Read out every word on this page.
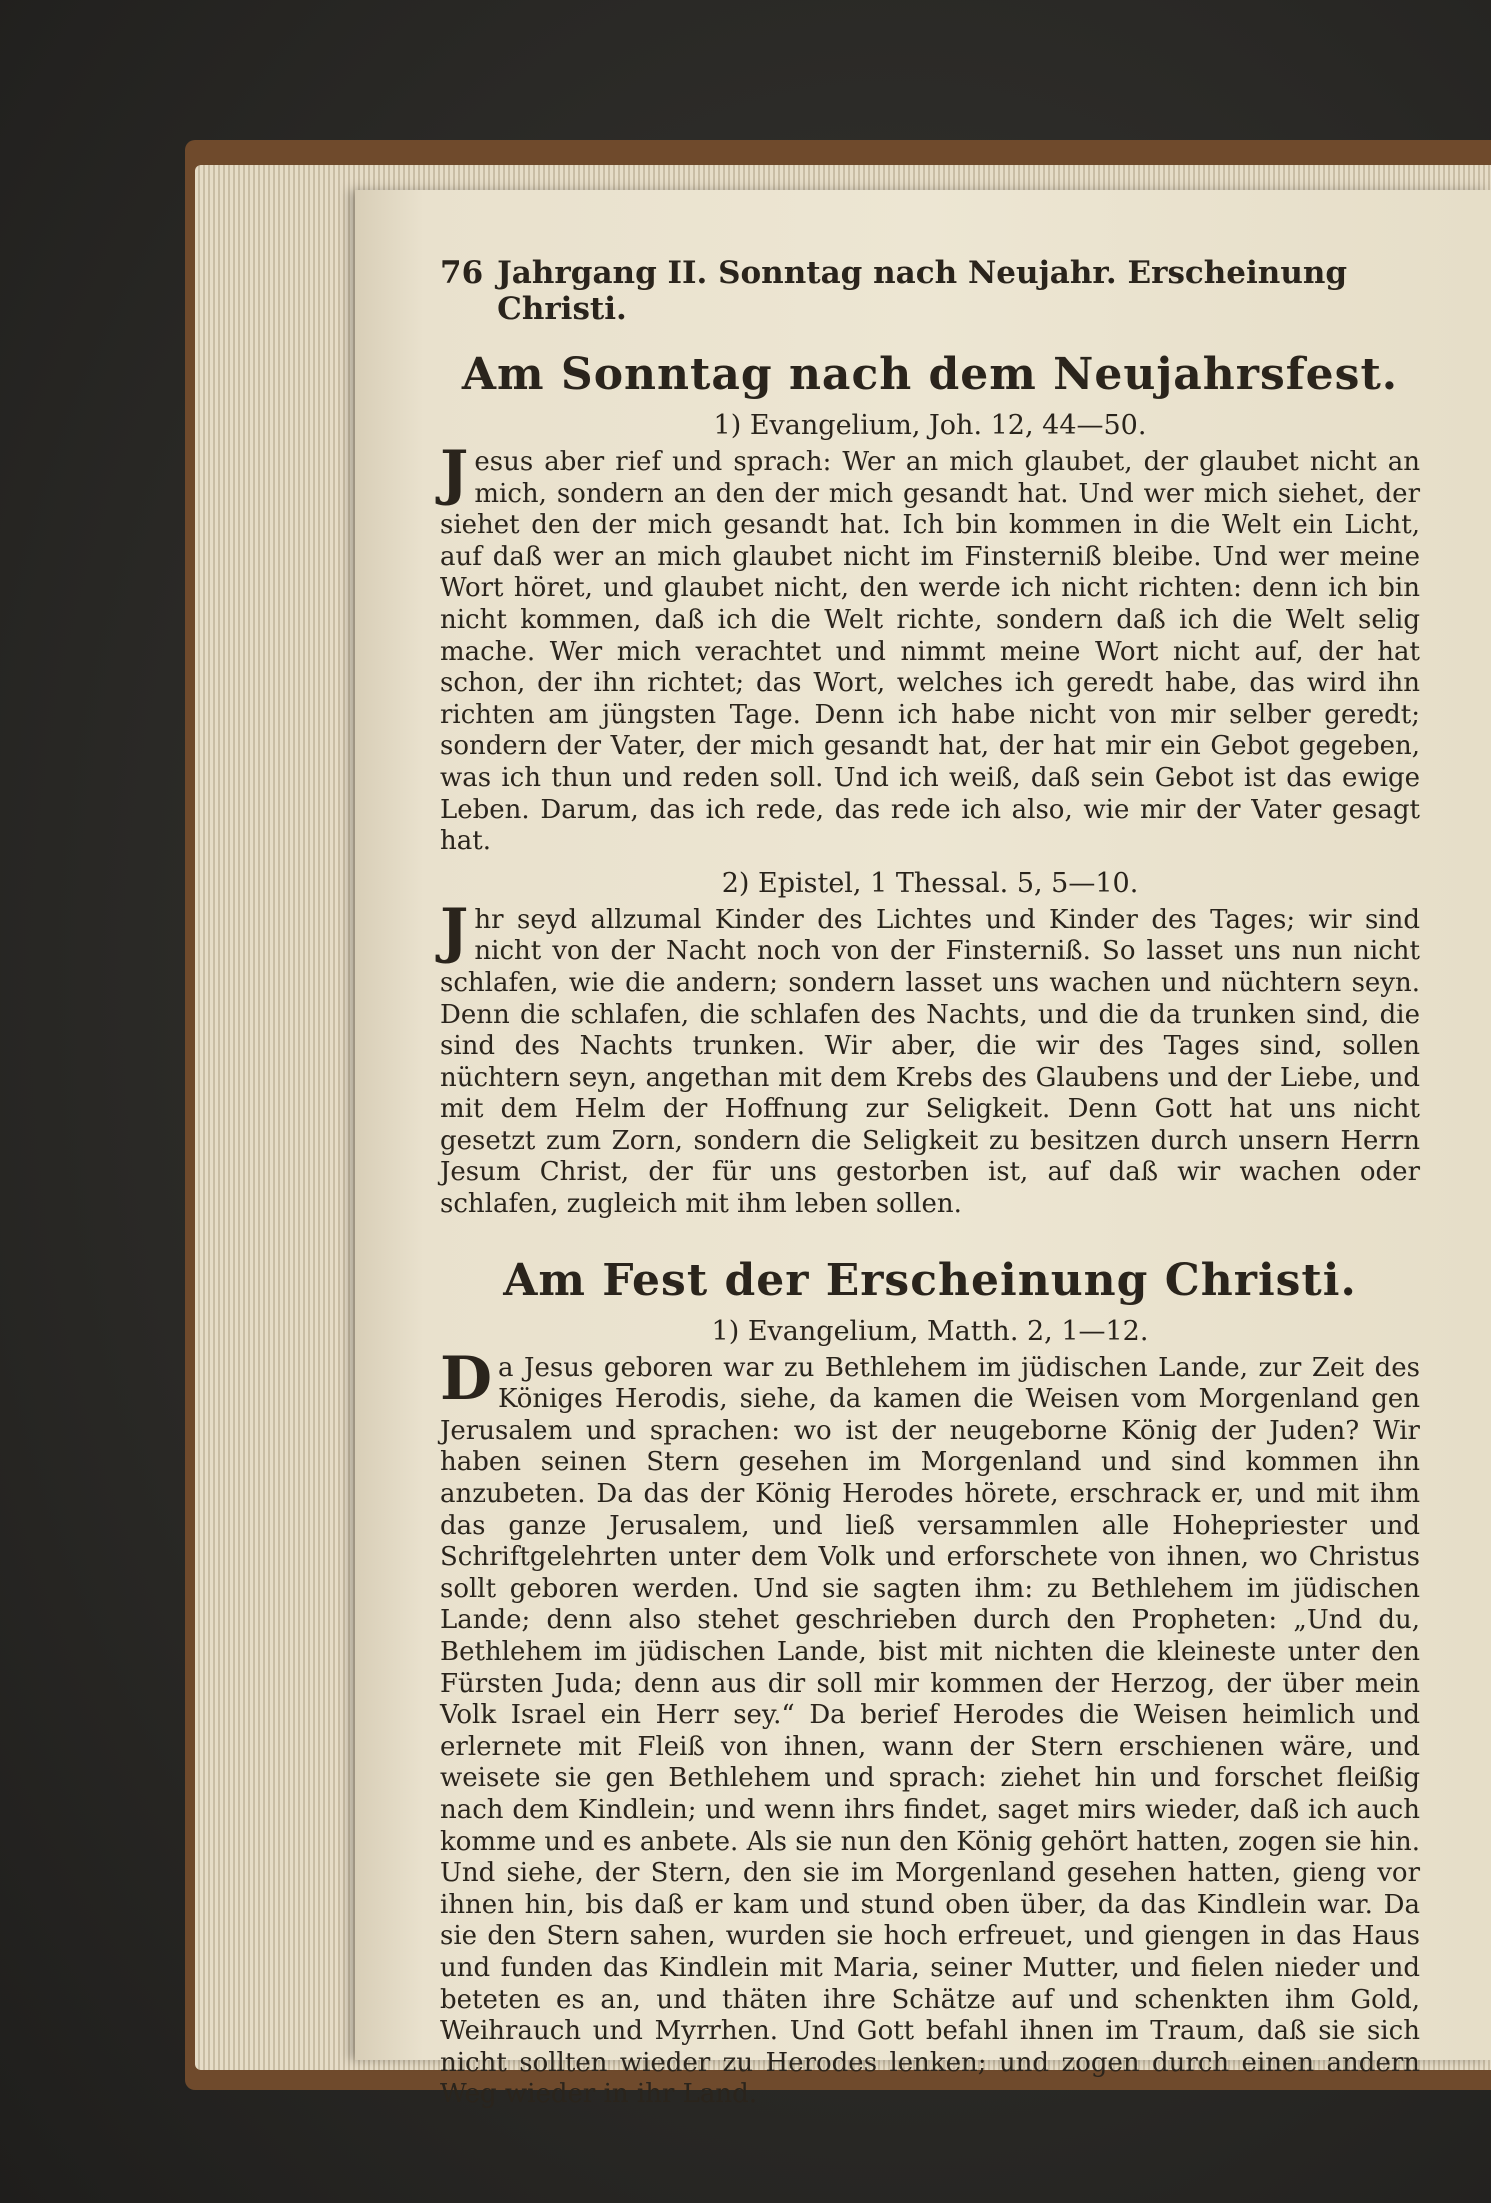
76 Jahrgang II. Sonntag nach Neujahr. Erscheinung Christi.
Am Sonntag nach dem Neujahrsfest.
1) Evangelium, Joh. 12, 44—50.

Jesus aber rief und sprach: Wer an mich glaubet, der glaubet nicht an mich, sondern an den der mich gesandt hat. Und wer mich siehet, der siehet den der mich gesandt hat. Ich bin kommen in die Welt ein Licht, auf daß wer an mich glaubet nicht im Finsterniß bleibe. Und wer meine Wort höret, und glaubet nicht, den werde ich nicht richten: denn ich bin nicht kommen, daß ich die Welt richte, sondern daß ich die Welt selig mache. Wer mich verachtet und nimmt meine Wort nicht auf, der hat schon, der ihn richtet; das Wort, welches ich geredt habe, das wird ihn richten am jüngsten Tage. Denn ich habe nicht von mir selber geredt; sondern der Vater, der mich gesandt hat, der hat mir ein Gebot gegeben, was ich thun und reden soll. Und ich weiß, daß sein Gebot ist das ewige Leben. Darum, das ich rede, das rede ich also, wie mir der Vater gesagt hat.

2) Epistel, 1 Thessal. 5, 5—10.

Jhr seyd allzumal Kinder des Lichtes und Kinder des Tages; wir sind nicht von der Nacht noch von der Finsterniß. So lasset uns nun nicht schlafen, wie die andern; sondern lasset uns wachen und nüchtern seyn. Denn die schlafen, die schlafen des Nachts, und die da trunken sind, die sind des Nachts trunken. Wir aber, die wir des Tages sind, sollen nüchtern seyn, angethan mit dem Krebs des Glaubens und der Liebe, und mit dem Helm der Hoffnung zur Seligkeit. Denn Gott hat uns nicht gesetzt zum Zorn, sondern die Seligkeit zu besitzen durch unsern Herrn Jesum Christ, der für uns gestorben ist, auf daß wir wachen oder schlafen, zugleich mit ihm leben sollen.

Am Fest der Erscheinung Christi.
1) Evangelium, Matth. 2, 1—12.

Da Jesus geboren war zu Bethlehem im jüdischen Lande, zur Zeit des Königes Herodis, siehe, da kamen die Weisen vom Morgenland gen Jerusalem und sprachen: wo ist der neugeborne König der Juden? Wir haben seinen Stern gesehen im Morgenland und sind kommen ihn anzubeten. Da das der König Herodes hörete, erschrack er, und mit ihm das ganze Jerusalem, und ließ versammlen alle Hohepriester und Schriftgelehrten unter dem Volk und erforschete von ihnen, wo Christus sollt geboren werden. Und sie sagten ihm: zu Bethlehem im jüdischen Lande; denn also stehet geschrieben durch den Propheten: „Und du, Bethlehem im jüdischen Lande, bist mit nichten die kleineste unter den Fürsten Juda; denn aus dir soll mir kommen der Herzog, der über mein Volk Israel ein Herr sey.“ Da berief Herodes die Weisen heimlich und erlernete mit Fleiß von ihnen, wann der Stern erschienen wäre, und weisete sie gen Bethlehem und sprach: ziehet hin und forschet fleißig nach dem Kindlein; und wenn ihrs findet, saget mirs wieder, daß ich auch komme und es anbete. Als sie nun den König gehört hatten, zogen sie hin. Und siehe, der Stern, den sie im Morgenland gesehen hatten, gieng vor ihnen hin, bis daß er kam und stund oben über, da das Kindlein war. Da sie den Stern sahen, wurden sie hoch erfreuet, und giengen in das Haus und funden das Kindlein mit Maria, seiner Mutter, und fielen nieder und beteten es an, und thäten ihre Schätze auf und schenkten ihm Gold, Weihrauch und Myrrhen. Und Gott befahl ihnen im Traum, daß sie sich nicht sollten wieder zu Herodes lenken; und zogen durch einen andern Weg wieder in ihr Land.
